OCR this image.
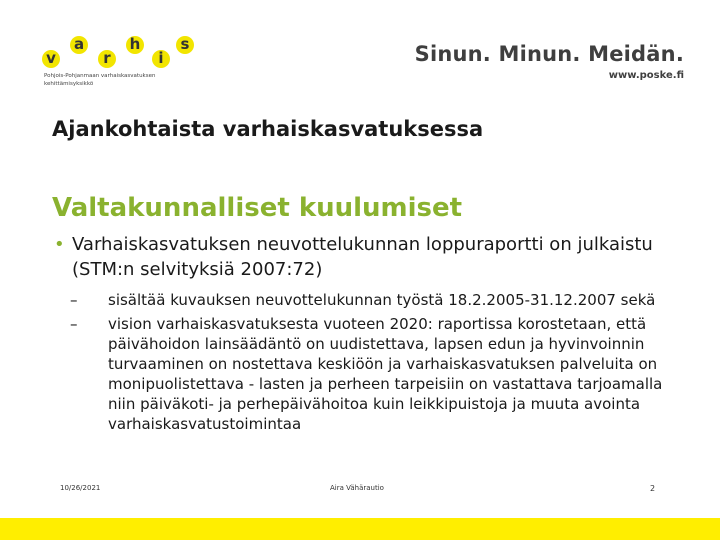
v
a
r
h
i
s
Pohjois-Pohjanmaan varhaiskasvatuksen
kehittämisyksikkö
Sinun. Minun. Meidän.
www.poske.fi
Ajankohtaista varhaiskasvatuksessa
Valtakunnalliset kuulumiset
• Varhaiskasvatuksen neuvottelukunnan loppuraportti on julkaistu (STM:n selvityksiä 2007:72)
–	sisältää kuvauksen neuvottelukunnan työstä 18.2.2005-31.12.2007 sekä
–	vision varhaiskasvatuksesta vuoteen 2020: raportissa korostetaan, että päivähoidon lainsäädäntö on uudistettava, lapsen edun ja hyvinvoinnin turvaaminen on nostettava keskiöön ja varhaiskasvatuksen palveluita on monipuolistettava - lasten ja perheen tarpeisiin on vastattava tarjoamalla niin päiväkoti- ja perhepäivähoitoa kuin leikkipuistoja ja muuta avointa varhaiskasvatustoimintaa
10/26/2021	Aira Vähärautio	2
